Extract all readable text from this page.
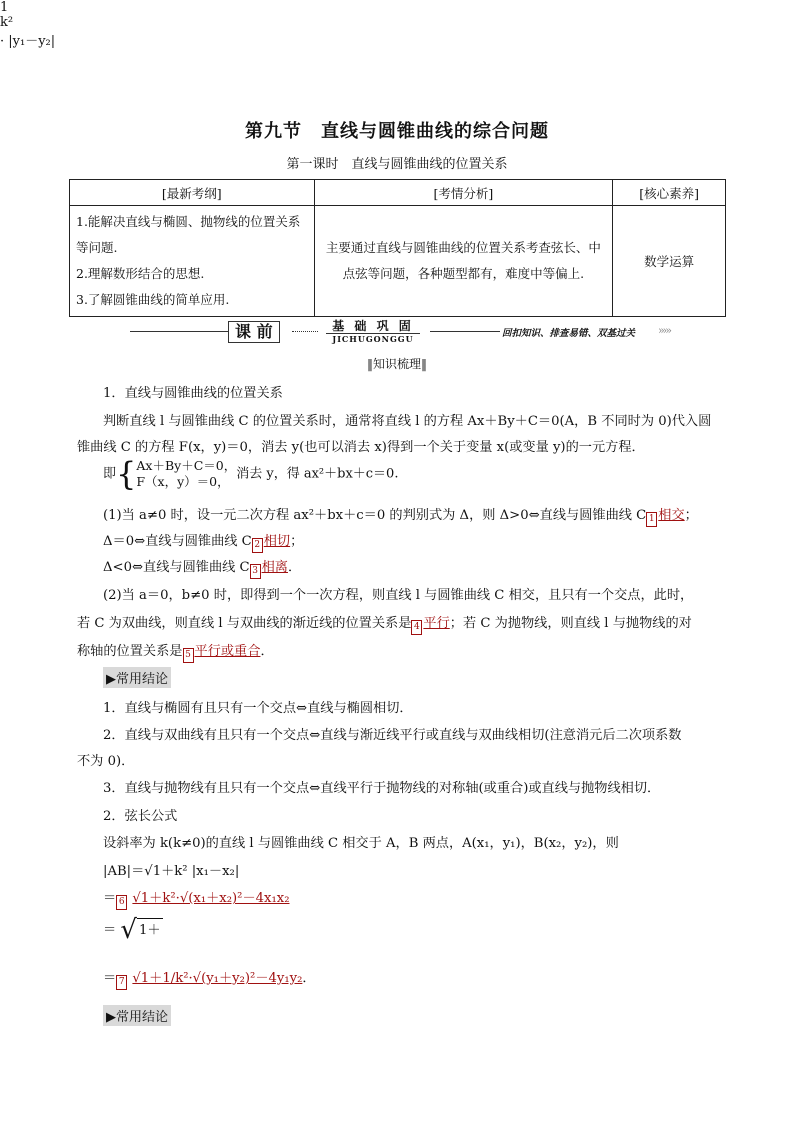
第九节　直线与圆锥曲线的综合问题
第一课时　直线与圆锥曲线的位置关系
[最新考纲]	[考情分析]	[核心素养]

1.能解决直线与椭圆、抛物线的位置关系等问题.
2.理解数形结合的思想.
3.了解圆锥曲线的简单应用.	主要通过直线与圆锥曲线的位置关系考查弦长、中点弦等问题，各种题型都有，难度中等偏上.	数学运算
课 前	基 础 巩 固
JICHUGONGGU	回扣知识、排查易错、双基过关 ›››››
‖知识梳理‖

1．直线与圆锥曲线的位置关系

判断直线 l 与圆锥曲线 C 的位置关系时，通常将直线 l 的方程 Ax＋By＋C＝0(A，B 不同时为 0)代入圆

锥曲线 C 的方程 F(x，y)＝0，消去 y(也可以消去 x)得到一个关于变量 x(或变量 y)的一元方程．

即{Ax＋By＋C＝0，
F（x，y）＝0， 消去 y，得 ax²＋bx＋c＝0.

(1)当 a≠0 时，设一元二次方程 ax²＋bx＋c＝0 的判别式为 Δ，则 Δ>0⇔直线与圆锥曲线 C 1 相交；

Δ＝0⇔直线与圆锥曲线 C 2 相切；

Δ<0⇔直线与圆锥曲线 C 3 相离．

(2)当 a＝0，b≠0 时，即得到一个一次方程，则直线 l 与圆锥曲线 C 相交，且只有一个交点，此时，

若 C 为双曲线，则直线 l 与双曲线的渐近线的位置关系是 4 平行；若 C 为抛物线，则直线 l 与抛物线的对

称轴的位置关系是 5 平行或重合．

▶常用结论

1．直线与椭圆有且只有一个交点⇔直线与椭圆相切．

2．直线与双曲线有且只有一个交点⇔直线与渐近线平行或直线与双曲线相切(注意消元后二次项系数

不为 0)．

3．直线与抛物线有且只有一个交点⇔直线平行于抛物线的对称轴(或重合)或直线与抛物线相切．

2．弦长公式

设斜率为 k(k≠0)的直线 l 与圆锥曲线 C 相交于 A，B 两点，A(x₁，y₁)，B(x₂，y₂)，则

|AB|＝√1＋k² |x₁－x₂|

＝ 6 √1＋k²·√(x₁＋x₂)²－4x₁x₂

＝ √ 1＋

1
k²
· |y₁－y₂|

＝ 7 √1＋1/k²·√(y₁＋y₂)²－4y₁y₂．

▶常用结论
